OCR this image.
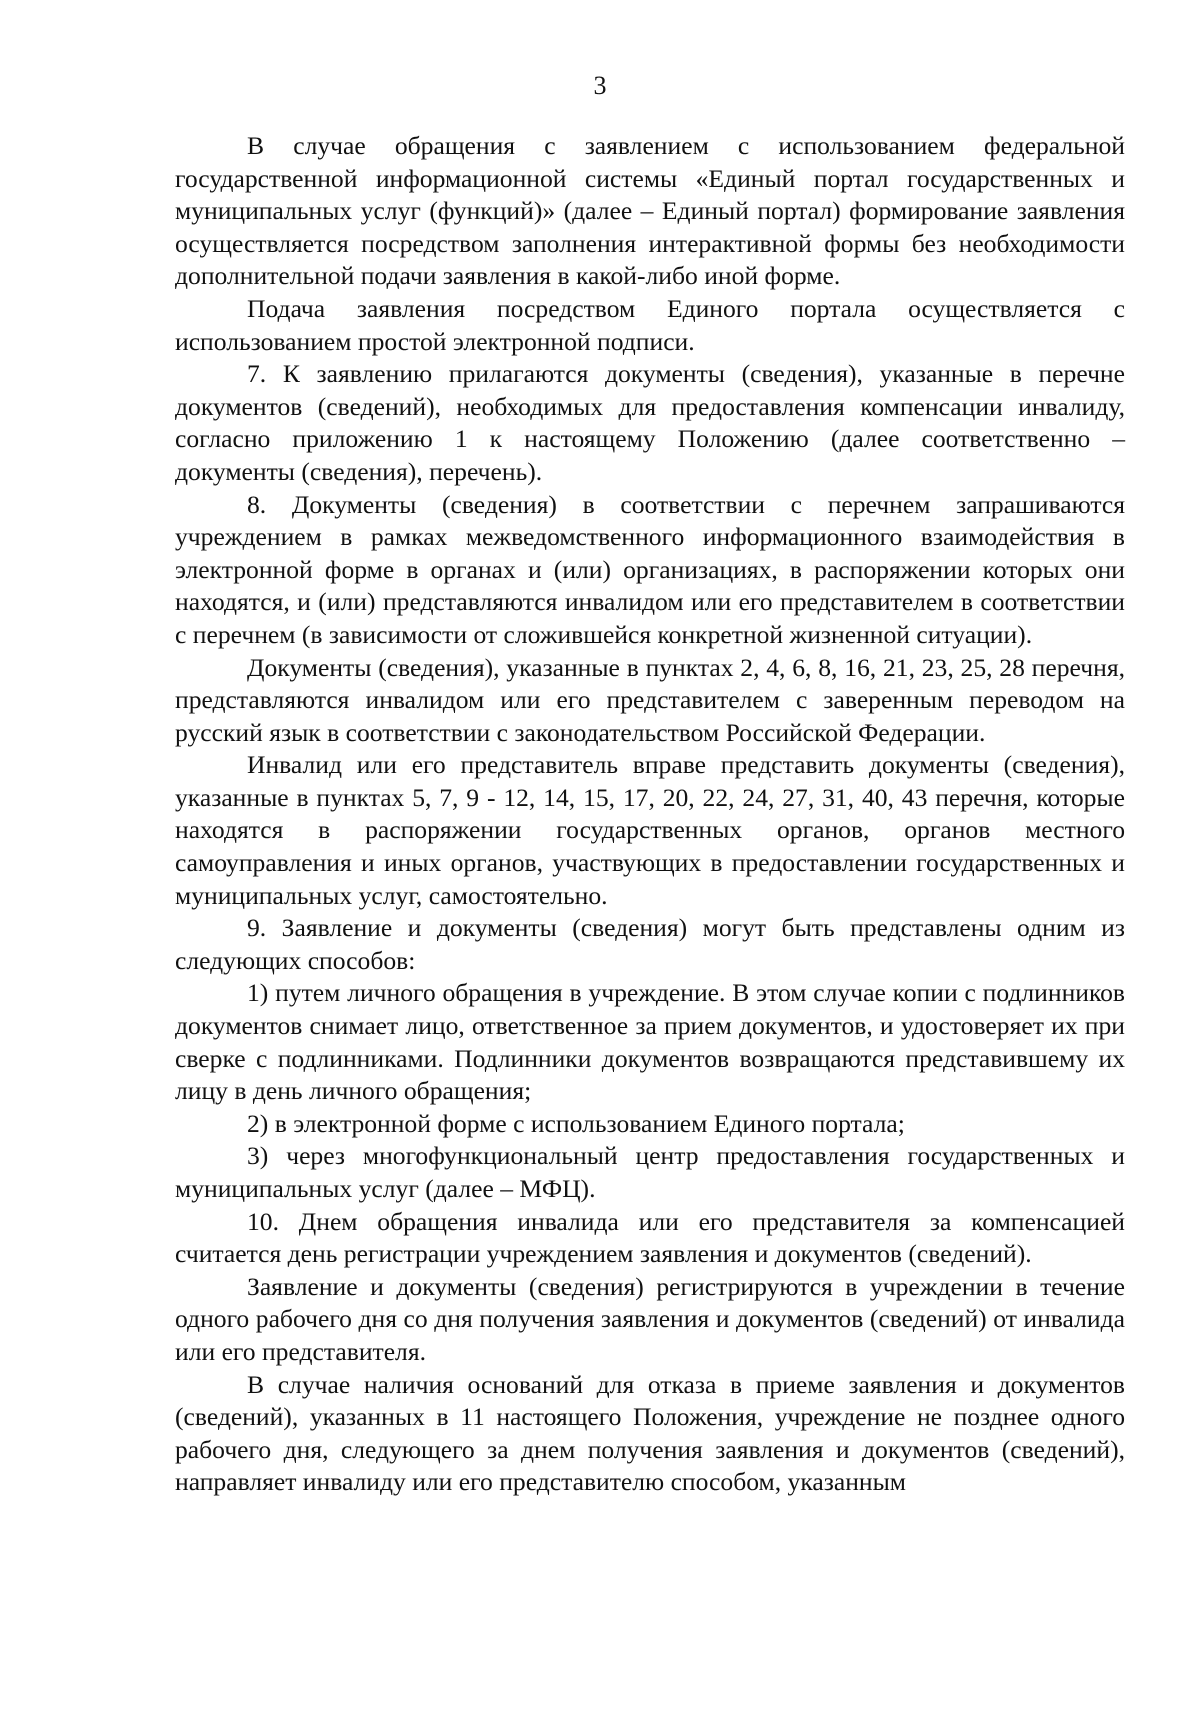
3

В случае обращения с заявлением с использованием федеральной государственной информационной системы «Единый портал государственных и муниципальных услуг (функций)» (далее – Единый портал) формирование заявления осуществляется посредством заполнения интерактивной формы без необходимости дополнительной подачи заявления в какой-либо иной форме.

Подача заявления посредством Единого портала осуществляется с использованием простой электронной подписи.

7. К заявлению прилагаются документы (сведения), указанные в перечне документов (сведений), необходимых для предоставления компенсации инвалиду, согласно приложению 1 к настоящему Положению (далее соответственно – документы (сведения), перечень).

8. Документы (сведения) в соответствии с перечнем запрашиваются учреждением в рамках межведомственного информационного взаимодействия в электронной форме в органах и (или) организациях, в распоряжении которых они находятся, и (или) представляются инвалидом или его представителем в соответствии с перечнем (в зависимости от сложившейся конкретной жизненной ситуации).

Документы (сведения), указанные в пунктах 2, 4, 6, 8, 16, 21, 23, 25, 28 перечня, представляются инвалидом или его представителем с заверенным переводом на русский язык в соответствии с законодательством Российской Федерации.

Инвалид или его представитель вправе представить документы (сведения), указанные в пунктах 5, 7, 9 - 12, 14, 15, 17, 20, 22, 24, 27, 31, 40, 43 перечня, которые находятся в распоряжении государственных органов, органов местного самоуправления и иных органов, участвующих в предоставлении государственных и муниципальных услуг, самостоятельно.

9. Заявление и документы (сведения) могут быть представлены одним из следующих способов:

1) путем личного обращения в учреждение. В этом случае копии с подлинников документов снимает лицо, ответственное за прием документов, и удостоверяет их при сверке с подлинниками. Подлинники документов возвращаются представившему их лицу в день личного обращения;

2) в электронной форме с использованием Единого портала;

3) через многофункциональный центр предоставления государственных и муниципальных услуг (далее – МФЦ).

10. Днем обращения инвалида или его представителя за компенсацией считается день регистрации учреждением заявления и документов (сведений).

Заявление и документы (сведения) регистрируются в учреждении в течение одного рабочего дня со дня получения заявления и документов (сведений) от инвалида или его представителя.

В случае наличия оснований для отказа в приеме заявления и документов (сведений), указанных в 11 настоящего Положения, учреждение не позднее одного рабочего дня, следующего за днем получения заявления и документов (сведений), направляет инвалиду или его представителю способом, указанным
